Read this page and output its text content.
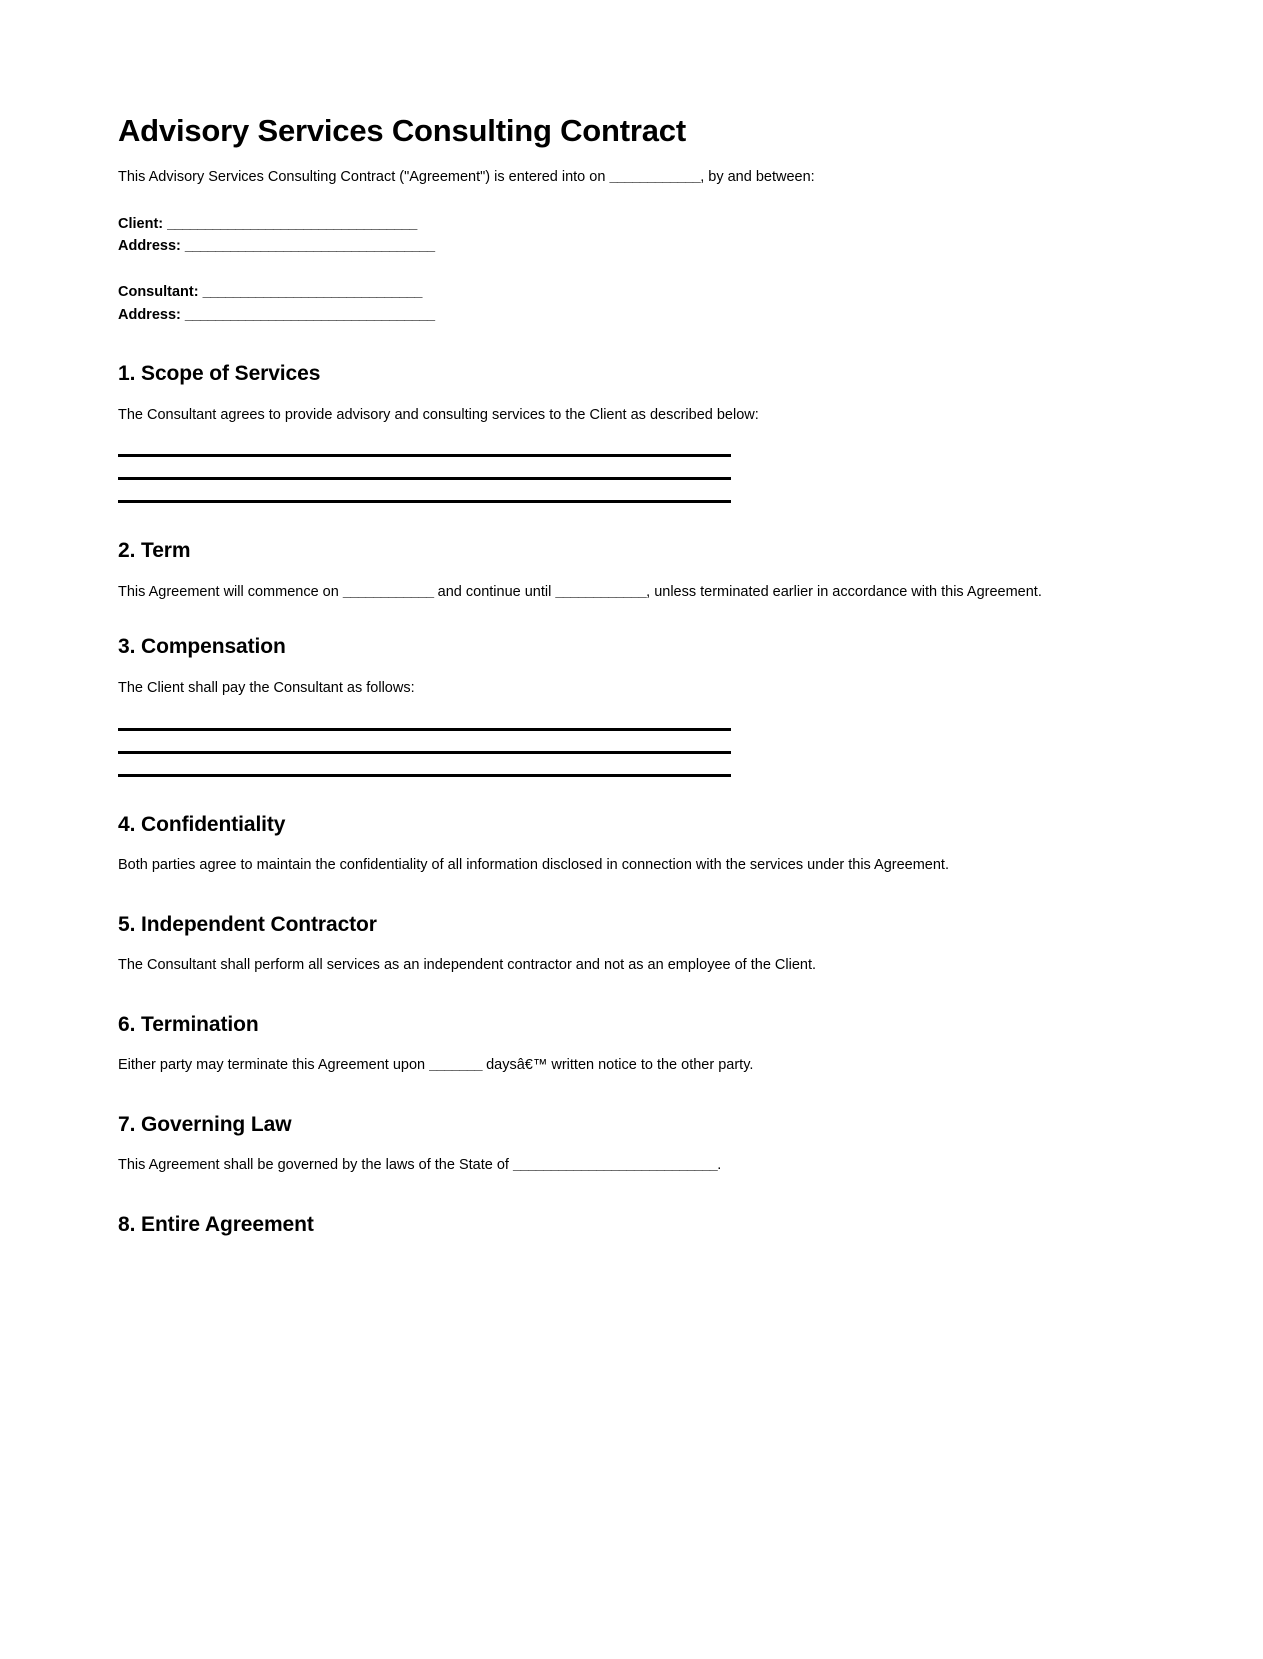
Advisory Services Consulting Contract

This Advisory Services Consulting Contract ("Agreement") is entered into on ____________, by and between:

Client: _________________________________
Address: _________________________________
Consultant: _____________________________
Address: _________________________________
1. Scope of Services

The Consultant agrees to provide advisory and consulting services to the Client as described below:

2. Term

This Agreement will commence on ____________ and continue until ____________, unless terminated earlier in accordance with this Agreement.

3. Compensation

The Client shall pay the Consultant as follows:

4. Confidentiality

Both parties agree to maintain the confidentiality of all information disclosed in connection with the services under this Agreement.

5. Independent Contractor

The Consultant shall perform all services as an independent contractor and not as an employee of the Client.

6. Termination

Either party may terminate this Agreement upon _______ daysâ€™ written notice to the other party.

7. Governing Law

This Agreement shall be governed by the laws of the State of ___________________________.

8. Entire Agreement
